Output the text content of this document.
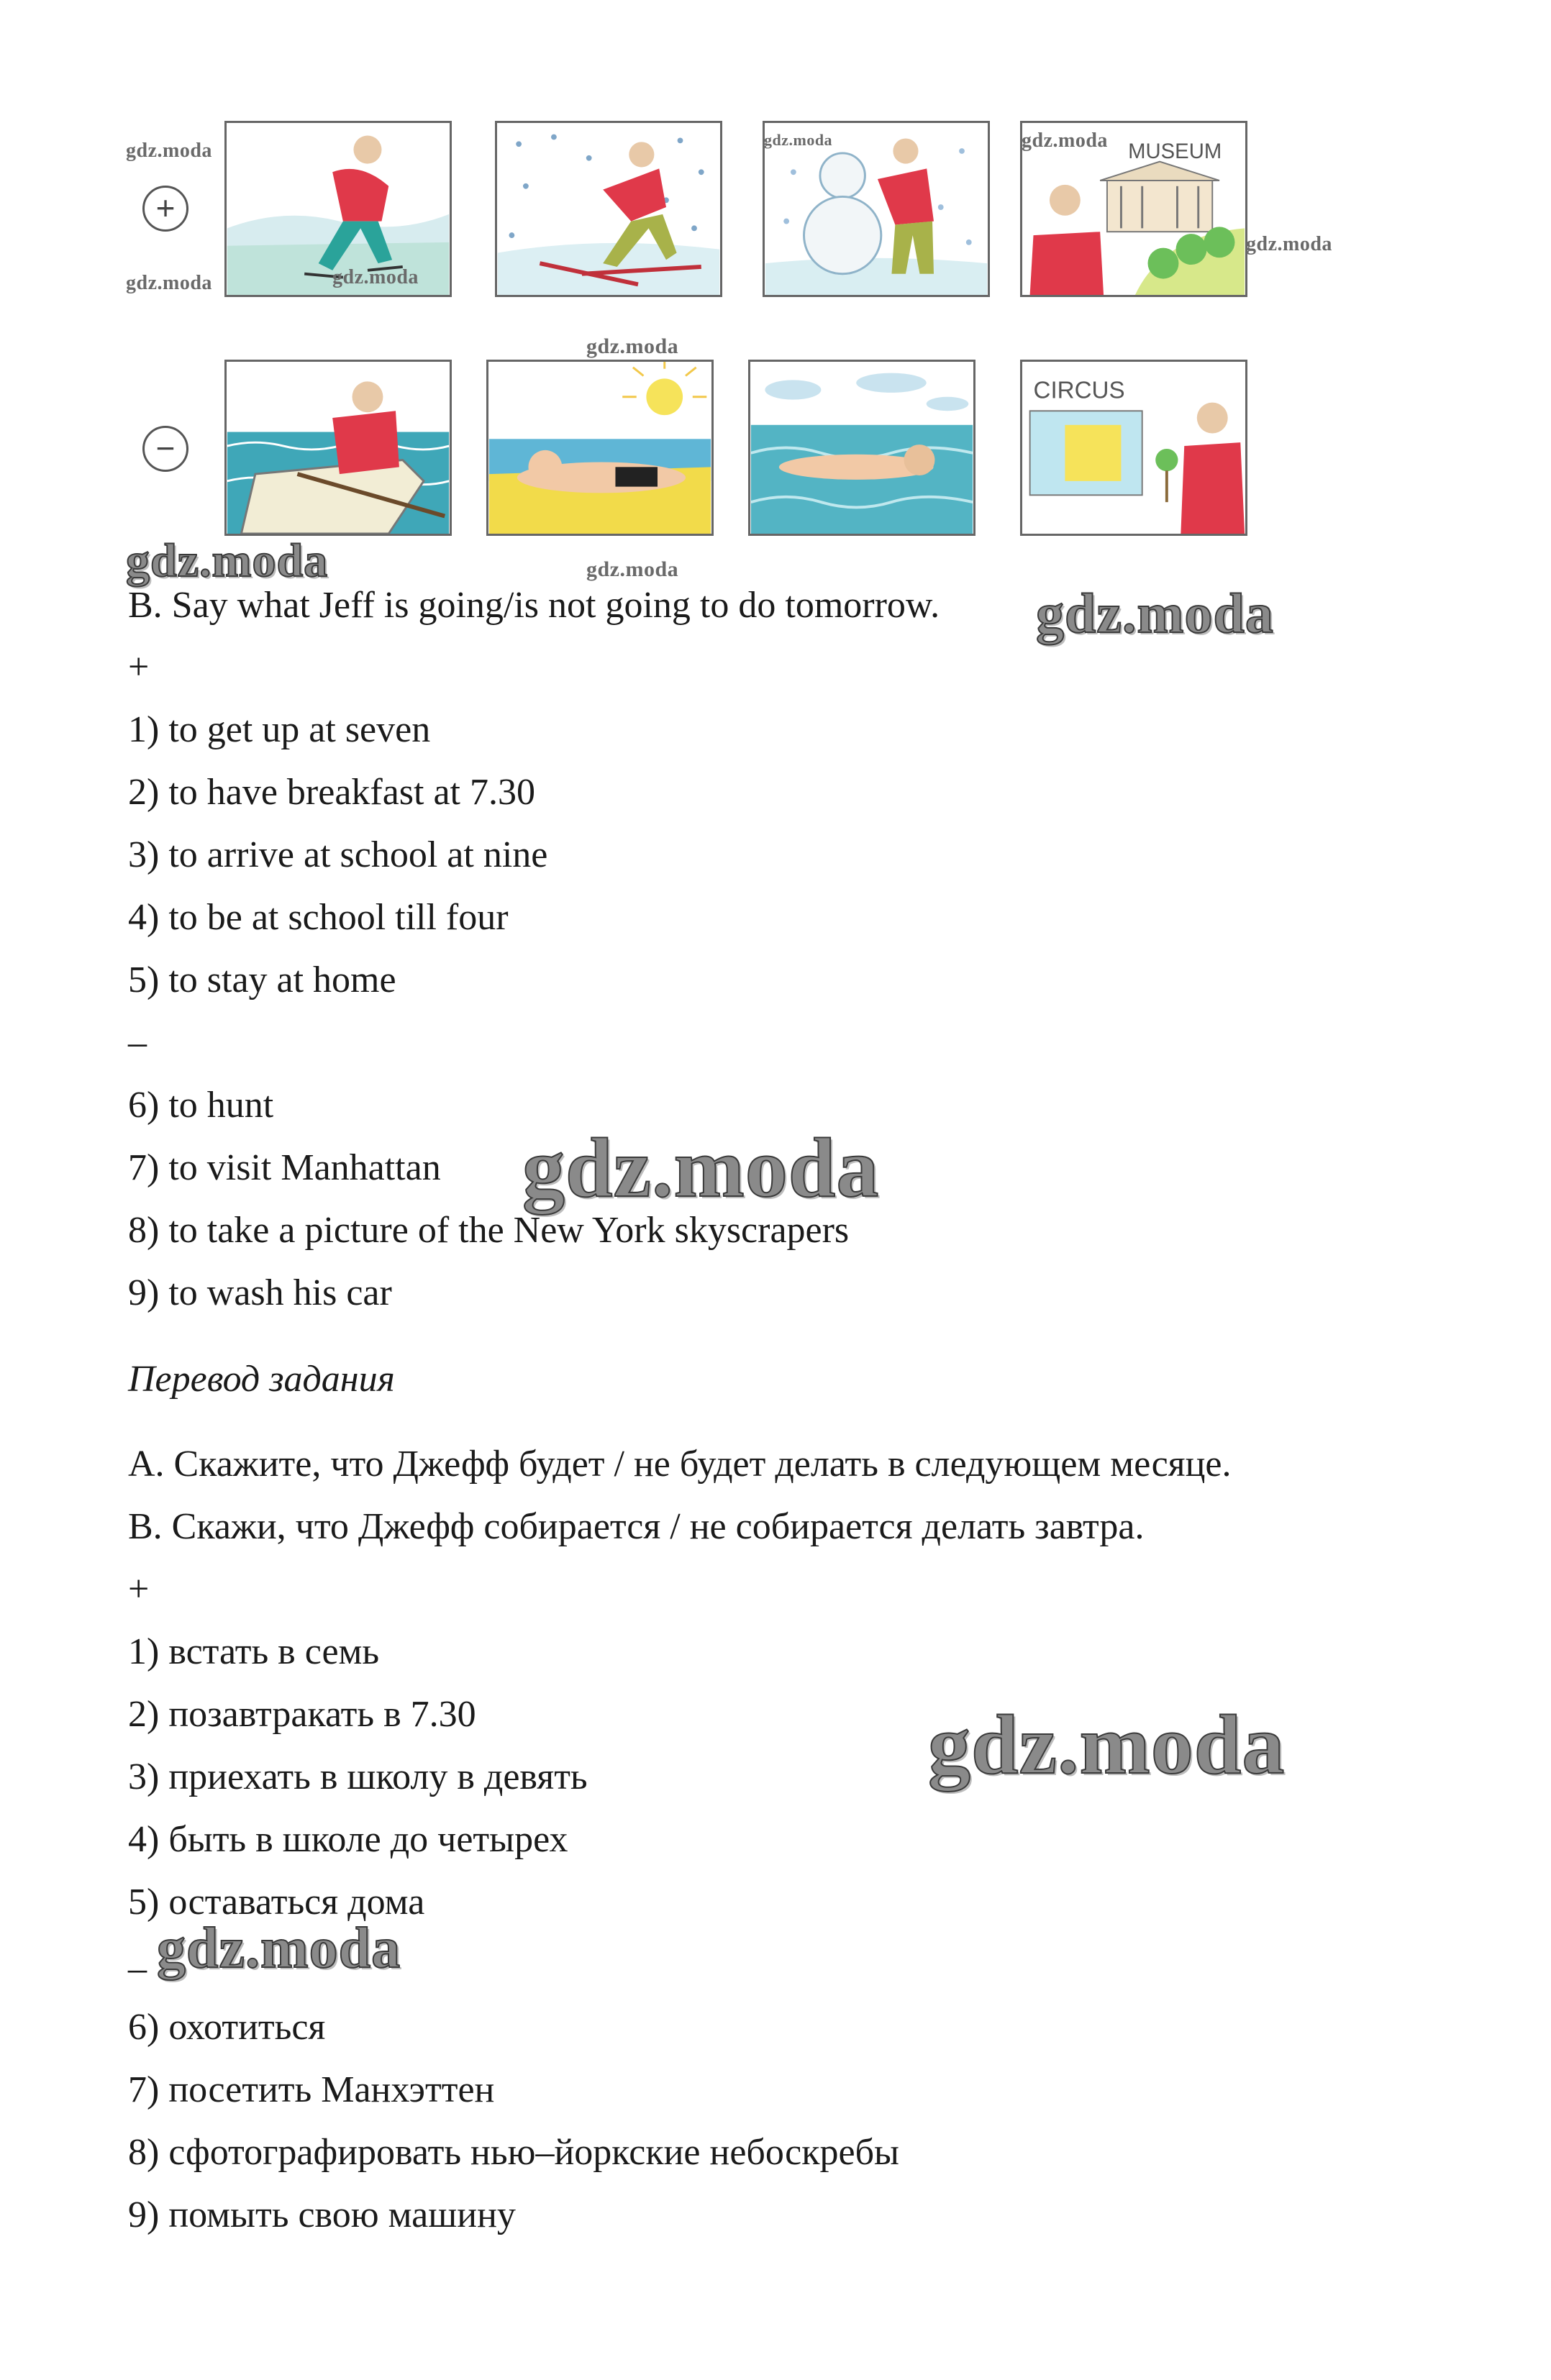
+
−
MUSEUM
CIRCUS
gdz.moda
gdz.moda	gdz.moda
gdz.moda	gdz.moda
gdz.moda
gdz.moda
gdz.moda
gdz.moda
gdz.moda
gdz.moda
gdz.moda
gdz.moda
B. Say what Jeff is going/is not going to do tomorrow.
+
1) to get up at seven
2) to have breakfast at 7.30
3) to arrive at school at nine
4) to be at school till four
5) to stay at home
–
6) to hunt
7) to visit Manhattan
8) to take a picture of the New York skyscrapers
9) to wash his car
Перевод задания
A. Скажите, что Джефф будет / не будет делать в следующем месяце.
B. Скажи, что Джефф собирается / не собирается делать завтра.
+
1) встать в семь
2) позавтракать в 7.30
3) приехать в школу в девять
4) быть в школе до четырех
5) оставаться дома
_
6) охотиться
7) посетить Манхэттен
8) сфотографировать нью–йоркские небоскребы
9) помыть свою машину
